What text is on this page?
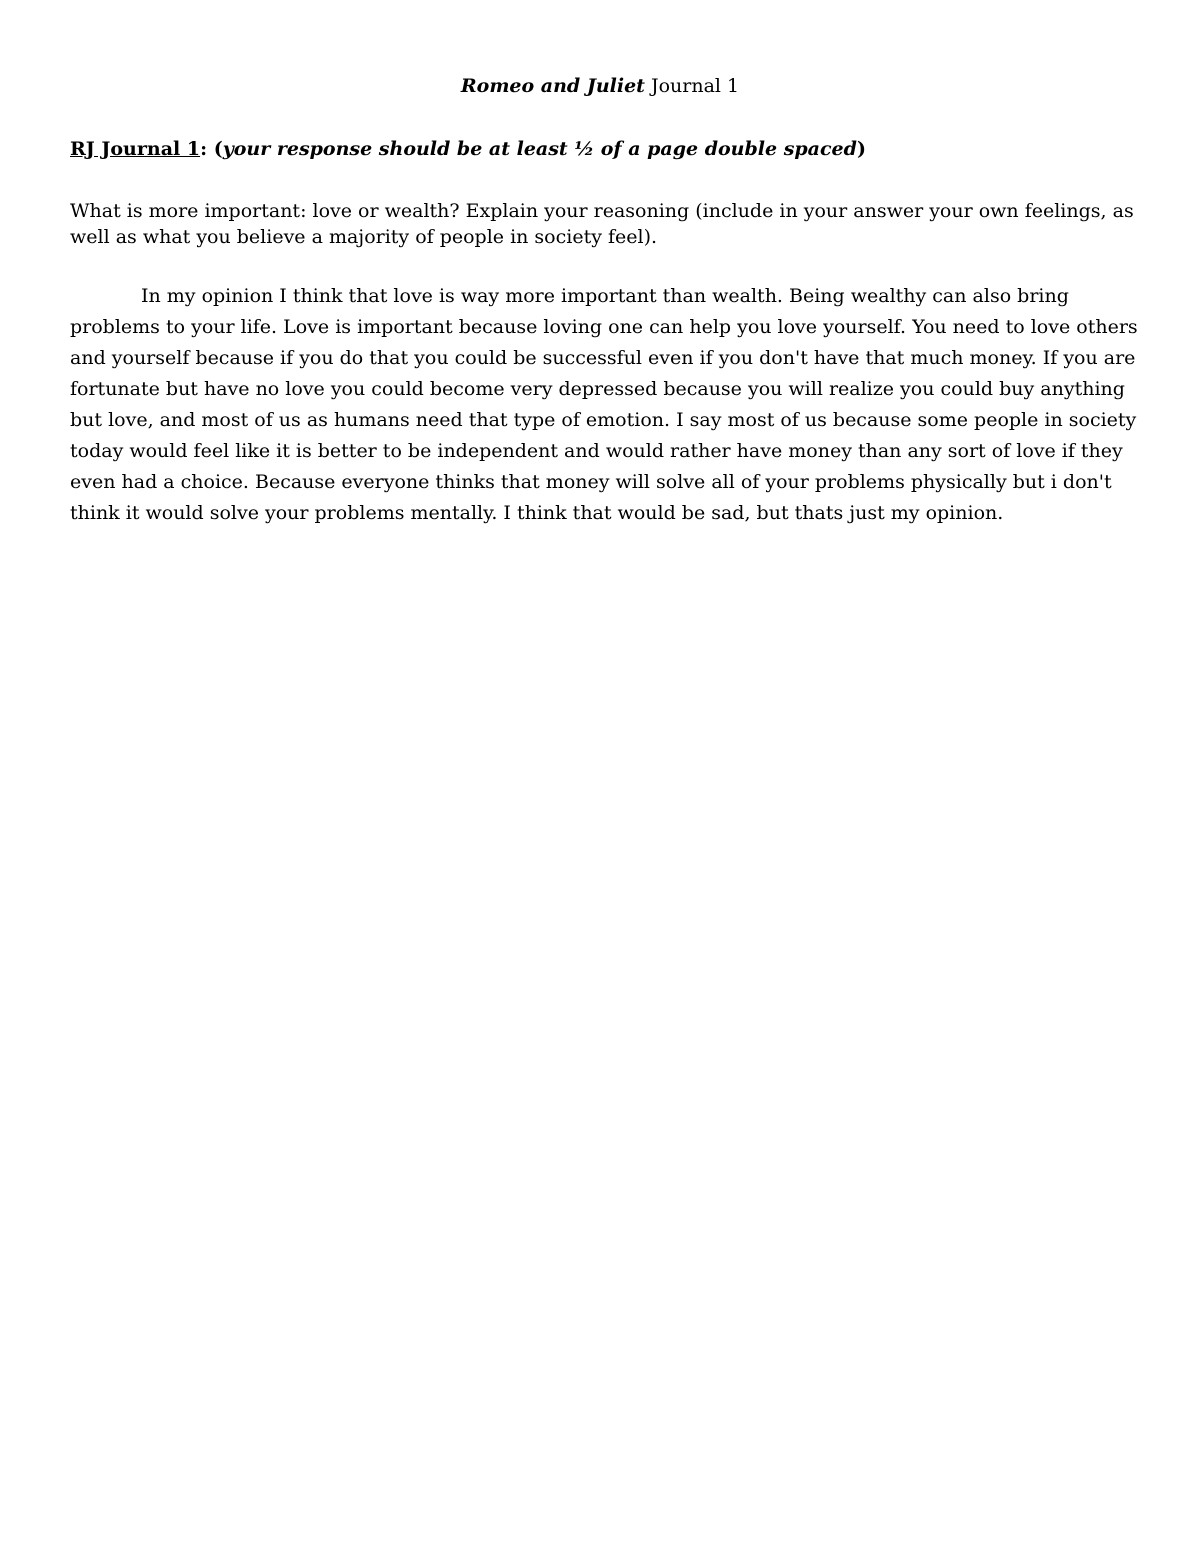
Romeo and Juliet Journal 1
RJ Journal 1: (your response should be at least ½ of a page double spaced)
What is more important: love or wealth? Explain your reasoning (include in your answer your own feelings, as well as what you believe a majority of people in society feel).
In my opinion I think that love is way more important than wealth. Being wealthy can also bring problems to your life. Love is important because loving one can help you love yourself. You need to love others and yourself because if you do that you could be successful even if you don't have that much money. If you are fortunate but have no love you could become very depressed because you will realize you could buy anything but love, and most of us as humans need that type of emotion. I say most of us because some people in society today would feel like it is better to be independent and would rather have money than any sort of love if they even had a choice. Because everyone thinks that money will solve all of your problems physically but i don't think it would solve your problems mentally. I think that would be sad, but thats just my opinion.
